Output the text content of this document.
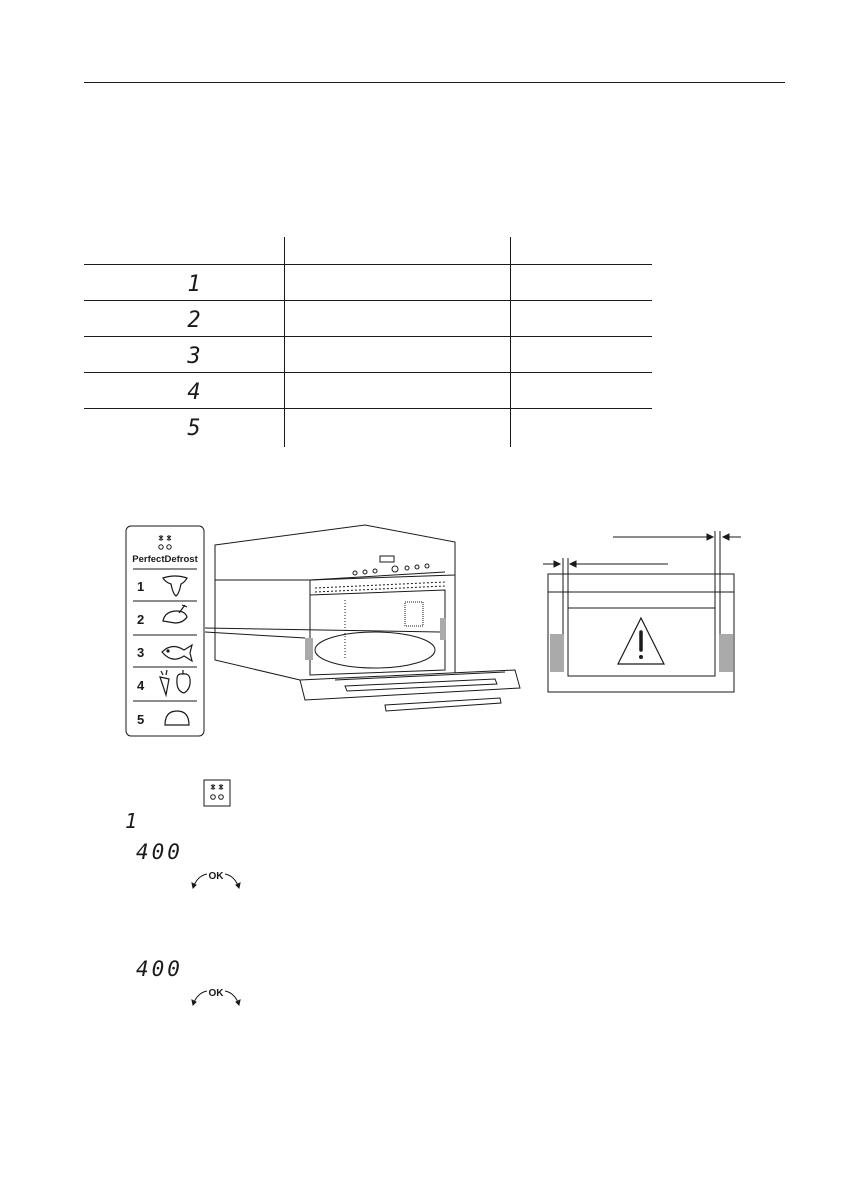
1
2
3
4
5
PerfectDefrost
1
2
3
4
5
1
400
OK
400
OK
